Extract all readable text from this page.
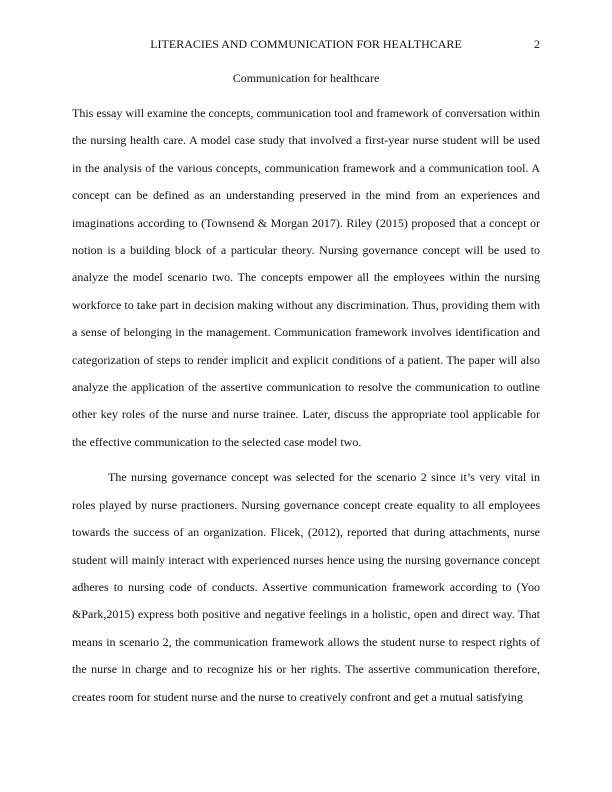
LITERACIES AND COMMUNICATION FOR HEALTHCARE	2
Communication for healthcare

This essay will examine the concepts, communication tool and framework of conversation within the nursing health care. A model case study that involved a first-year nurse student will be used in the analysis of the various concepts, communication framework and a communication tool. A concept can be defined as an understanding preserved in the mind from an experiences and imaginations according to (Townsend & Morgan 2017). Riley (2015) proposed that a concept or notion is a building block of a particular theory. Nursing governance concept will be used to analyze the model scenario two. The concepts empower all the employees within the nursing workforce to take part in decision making without any discrimination. Thus, providing them with a sense of belonging in the management. Communication framework involves identification and categorization of steps to render implicit and explicit conditions of a patient. The paper will also analyze the application of the assertive communication to resolve the communication to outline other key roles of the nurse and nurse trainee. Later, discuss the appropriate tool applicable for the effective communication to the selected case model two.

The nursing governance concept was selected for the scenario 2 since it’s very vital in roles played by nurse practioners. Nursing governance concept create equality to all employees towards the success of an organization. Flicek, (2012), reported that during attachments, nurse student will mainly interact with experienced nurses hence using the nursing governance concept adheres to nursing code of conducts. Assertive communication framework according to (Yoo &Park,2015) express both positive and negative feelings in a holistic, open and direct way. That means in scenario 2, the communication framework allows the student nurse to respect rights of the nurse in charge and to recognize his or her rights. The assertive communication therefore, creates room for student nurse and the nurse to creatively confront and get a mutual satisfying
